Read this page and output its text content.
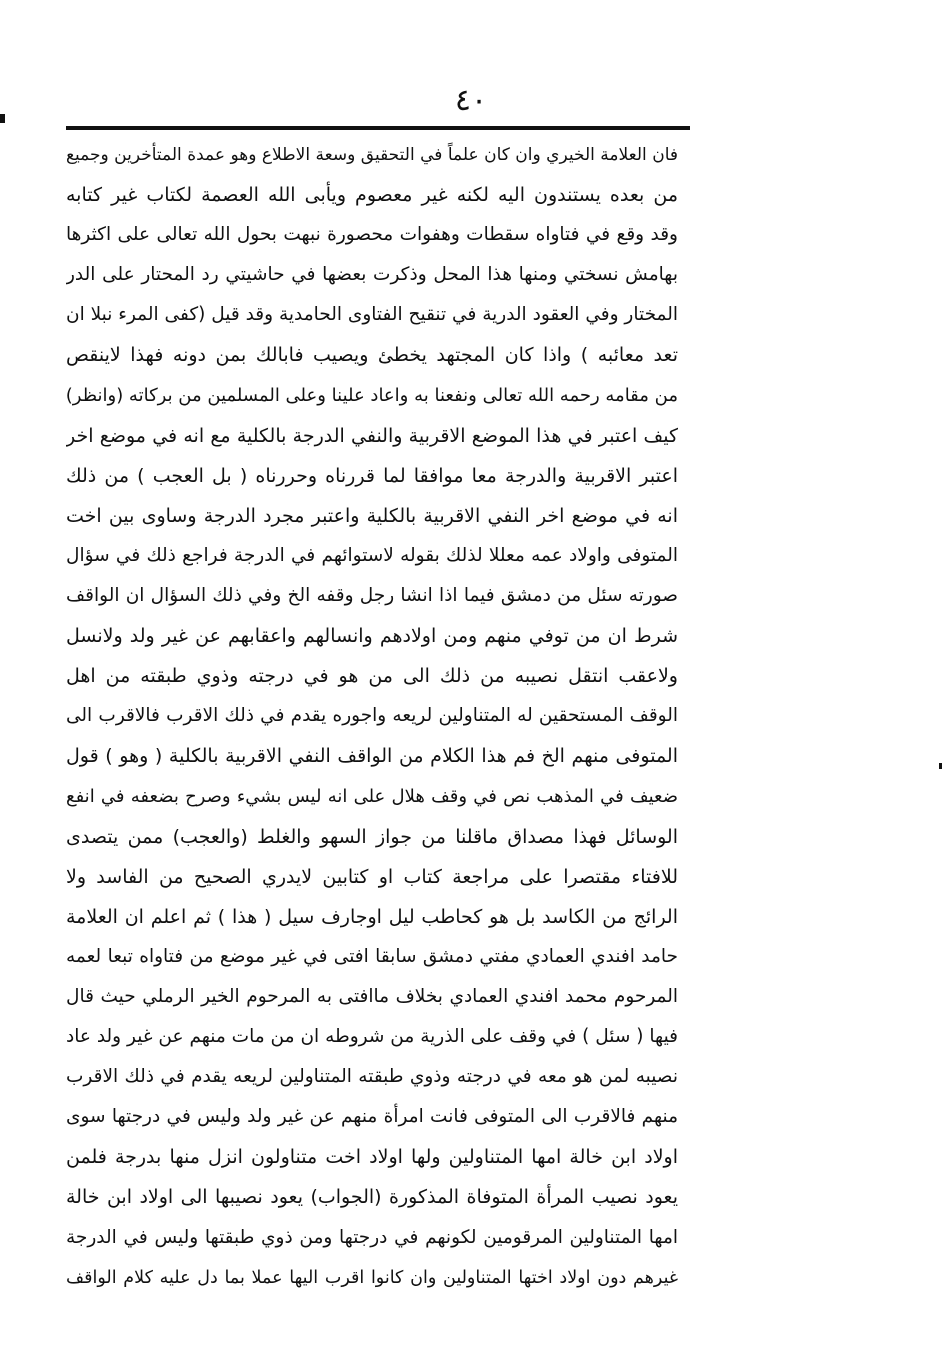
٤٠
فان العلامة الخيري وان كان علماً في التحقيق وسعة الاطلاع وهو عمدة المتأخرين وجميع
من بعده يستندون اليه لكنه غير معصوم ويأبى الله العصمة لكتاب غير كتابه
وقد وقع في فتاواه سقطات وهفوات محصورة نبهت بحول الله تعالى على اكثرها
بهامش نسختي ومنها هذا المحل وذكرت بعضها في حاشيتي رد المحتار على الدر
المختار وفي العقود الدرية في تنقيح الفتاوى الحامدية وقد قيل (كفى المرء نبلا ان
تعد معائبه ) واذا كان المجتهد يخطئ ويصيب فابالك بمن دونه فهذا لاينقص
من مقامه رحمه الله تعالى ونفعنا به واعاد علينا وعلى المسلمين من بركاته (وانظر)
كيف اعتبر في هذا الموضع الاقربية والنفي الدرجة بالكلية مع انه في موضع اخر
اعتبر الاقربية والدرجة معا موافقا لما قررناه وحررناه ( بل العجب ) من ذلك
انه في موضع اخر النفي الاقربية بالكلية واعتبر مجرد الدرجة وساوى بين اخت
المتوفى واولاد عمه معللا لذلك بقوله لاستوائهم في الدرجة فراجع ذلك في سؤال
صورته سئل من دمشق فيما اذا انشا رجل وقفه الخ وفي ذلك السؤال ان الواقف
شرط ان من توفي منهم ومن اولادهم وانسالهم واعقابهم عن غير ولد ولانسل
ولاعقب انتقل نصيبه من ذلك الى من هو في درجته وذوي طبقته من اهل
الوقف المستحقين له المتناولين لريعه واجوره يقدم في ذلك الاقرب فالاقرب الى
المتوفى منهم الخ فم هذا الكلام من الواقف النفي الاقربية بالكلية ( وهو ) قول
ضعيف في المذهب نص في وقف هلال على انه ليس بشيء وصرح بضعفه في انفع
الوسائل فهذا مصداق ماقلنا من جواز السهو والغلط (والعجب) ممن يتصدى
للافتاء مقتصرا على مراجعة كتاب او كتابين لايدري الصحيح من الفاسد ولا
الرائج من الكاسد بل هو كحاطب ليل اوجارف سيل ( هذا ) ثم اعلم ان العلامة
حامد افندي العمادي مفتي دمشق سابقا افتى في غير موضع من فتاواه تبعا لعمه
المرحوم محمد افندي العمادي بخلاف ماافتى به المرحوم الخير الرملي حيث قال
فيها ( سئل ) في وقف على الذرية من شروطه ان من مات منهم عن غير ولد عاد
نصيبه لمن هو معه في درجته وذوي طبقته المتناولين لريعه يقدم في ذلك الاقرب
منهم فالاقرب الى المتوفى فانت امرأة منهم عن غير ولد وليس في درجتها سوى
اولاد ابن خالة امها المتناولين ولها اولاد اخت متناولون انزل منها بدرجة فلمن
يعود نصيب المرأة المتوفاة المذكورة (الجواب) يعود نصيبها الى اولاد ابن خالة
امها المتناولين المرقومين لكونهم في درجتها ومن ذوي طبقتها وليس في الدرجة
غيرهم دون اولاد اختها المتناولين وان كانوا اقرب اليها عملا بما دل عليه كلام الواقف
